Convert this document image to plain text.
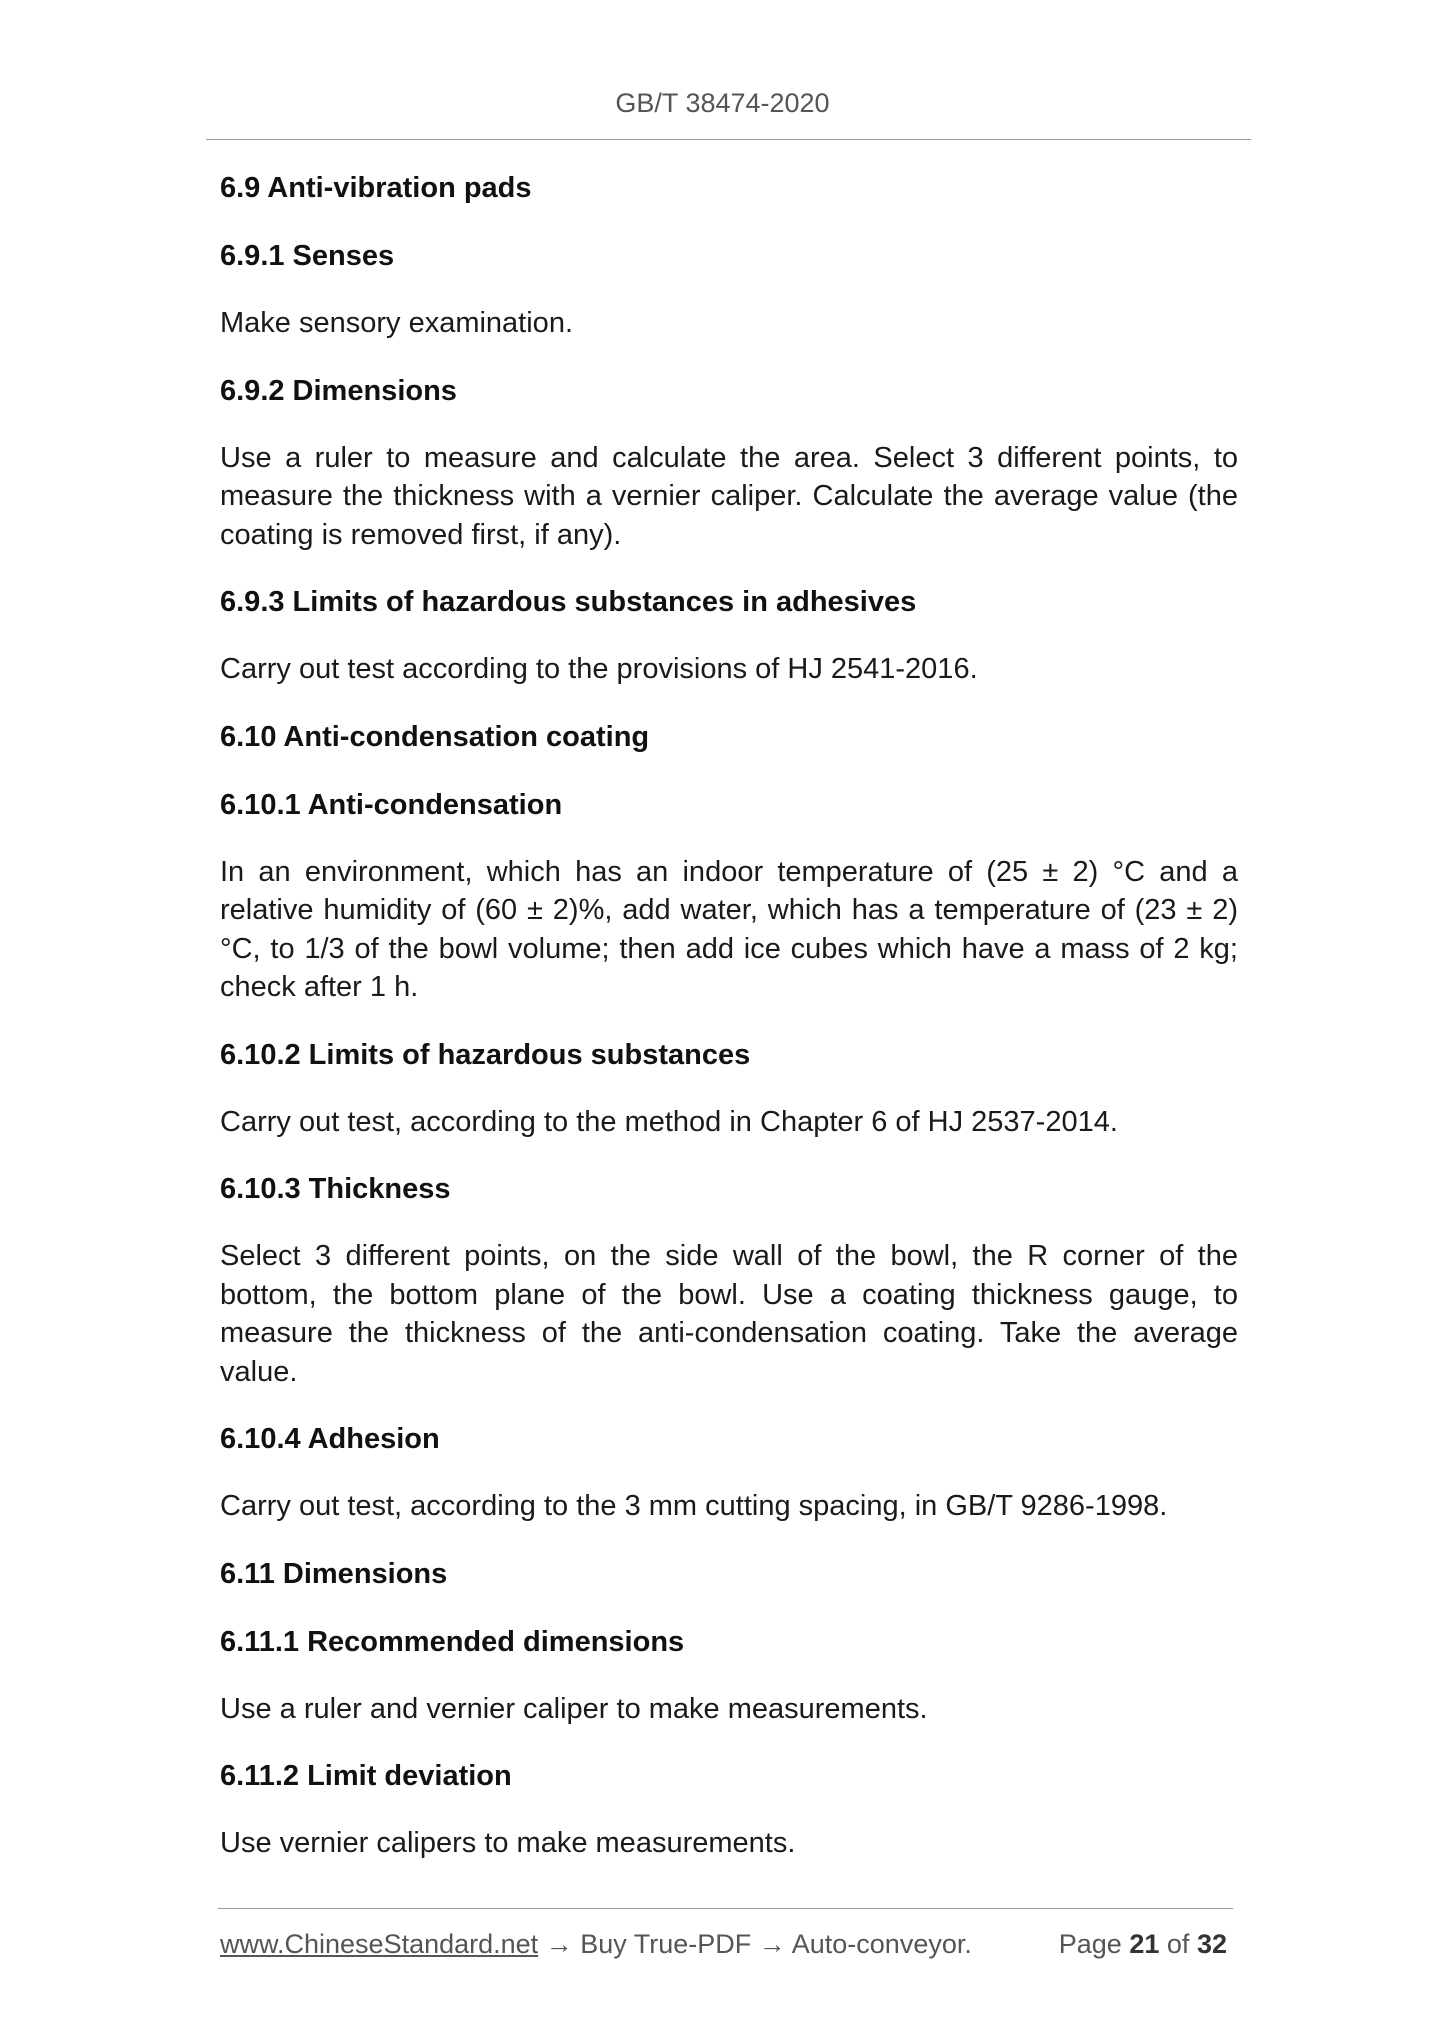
GB/T 38474-2020
6.9 Anti-vibration pads
6.9.1 Senses
Make sensory examination.
6.9.2 Dimensions
Use a ruler to measure and calculate the area. Select 3 different points, to measure the thickness with a vernier caliper. Calculate the average value (the coating is removed first, if any).
6.9.3 Limits of hazardous substances in adhesives
Carry out test according to the provisions of HJ 2541-2016.
6.10 Anti-condensation coating
6.10.1 Anti-condensation
In an environment, which has an indoor temperature of (25 ± 2) °C and a relative humidity of (60 ± 2)%, add water, which has a temperature of (23 ± 2) °C, to 1/3 of the bowl volume; then add ice cubes which have a mass of 2 kg; check after 1 h.
6.10.2 Limits of hazardous substances
Carry out test, according to the method in Chapter 6 of HJ 2537-2014.
6.10.3 Thickness
Select 3 different points, on the side wall of the bowl, the R corner of the bottom, the bottom plane of the bowl. Use a coating thickness gauge, to measure the thickness of the anti-condensation coating. Take the average value.
6.10.4 Adhesion
Carry out test, according to the 3 mm cutting spacing, in GB/T 9286-1998.
6.11 Dimensions
6.11.1 Recommended dimensions
Use a ruler and vernier caliper to make measurements.
6.11.2 Limit deviation
Use vernier calipers to make measurements.
www.ChineseStandard.net → Buy True-PDF → Auto-conveyor.	Page 21 of 32
